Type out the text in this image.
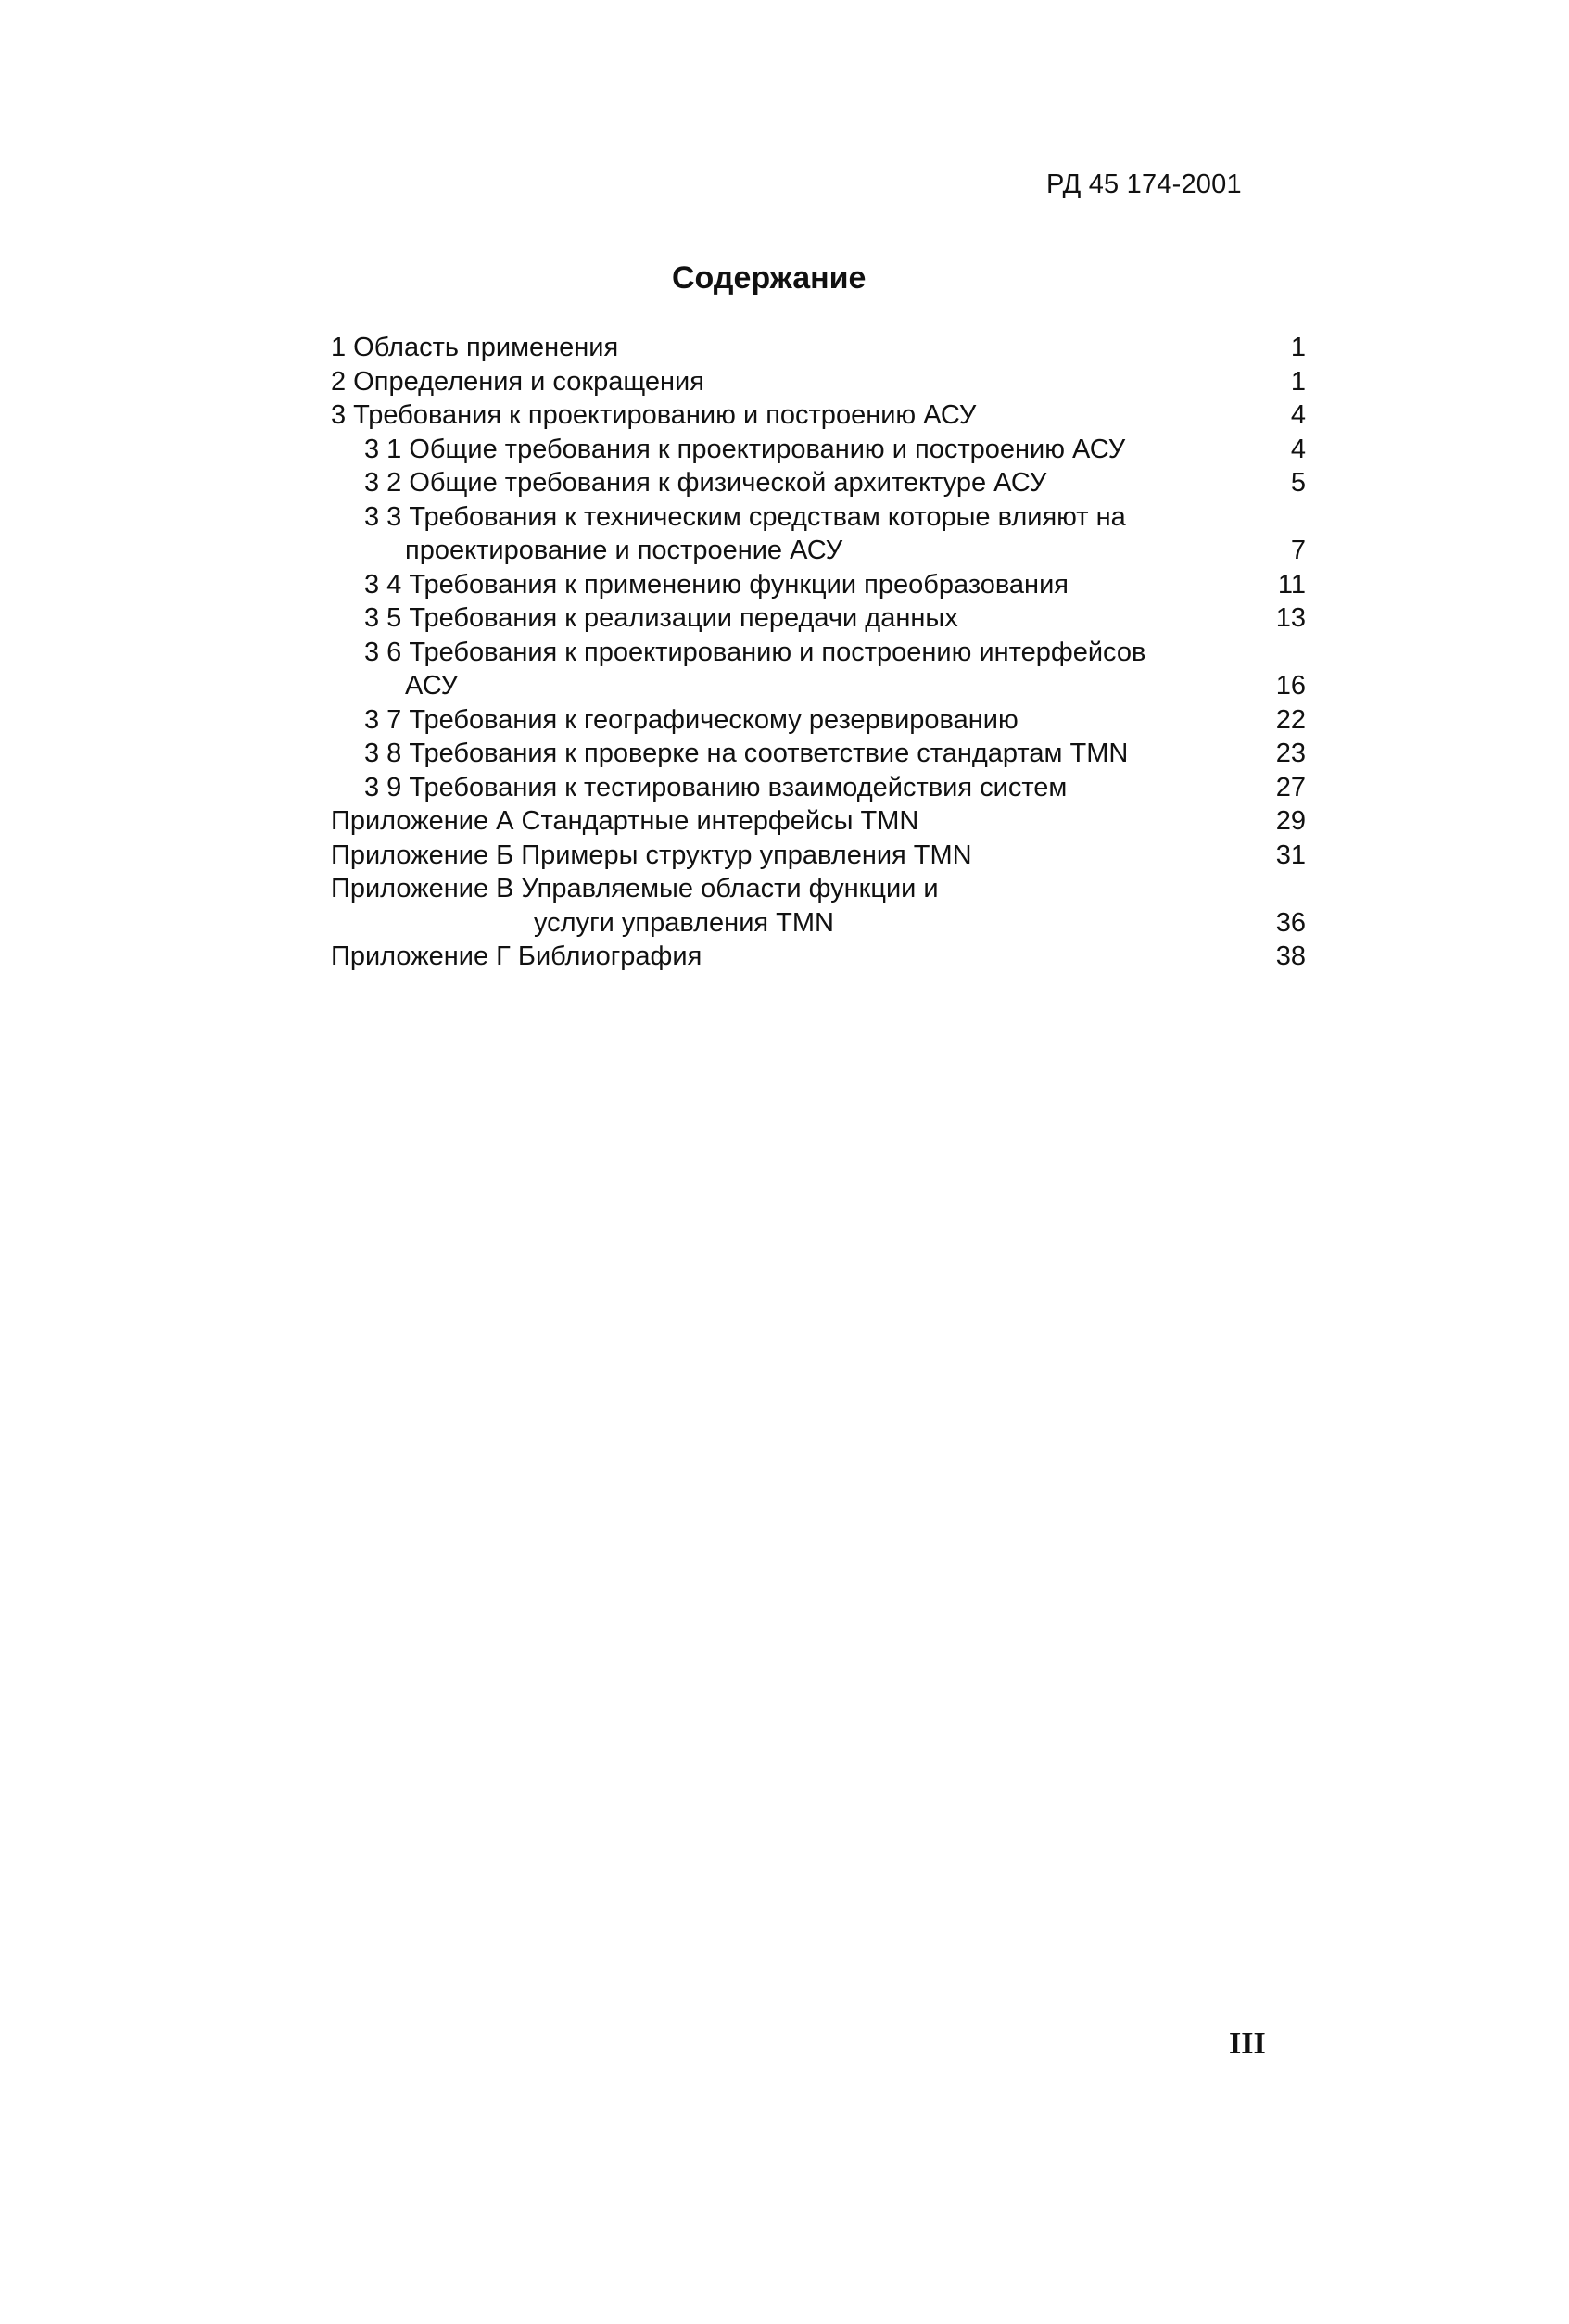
РД 45 174-2001
Содержание
1 Область применения	1
2 Определения и сокращения	1
3 Требования к проектированию и построению АСУ	4
3 1 Общие требования к проектированию и построению АСУ	4
3 2 Общие требования к физической архитектуре АСУ	5
3 3 Требования к техническим средствам которые влияют на
проектирование и построение АСУ	7
3 4 Требования к применению функции преобразования	11
3 5 Требования к реализации передачи данных	13
3 6 Требования к проектированию и построению интерфейсов
АСУ	16
3 7 Требования к географическому резервированию	22
3 8 Требования к проверке на соответствие стандартам TMN	23
3 9 Требования к тестированию взаимодействия систем	27
Приложение А Стандартные интерфейсы TMN	29
Приложение Б Примеры структур управления TMN	31
Приложение В Управляемые области функции и
услуги управления TMN	36
Приложение Г Библиография	38
III
